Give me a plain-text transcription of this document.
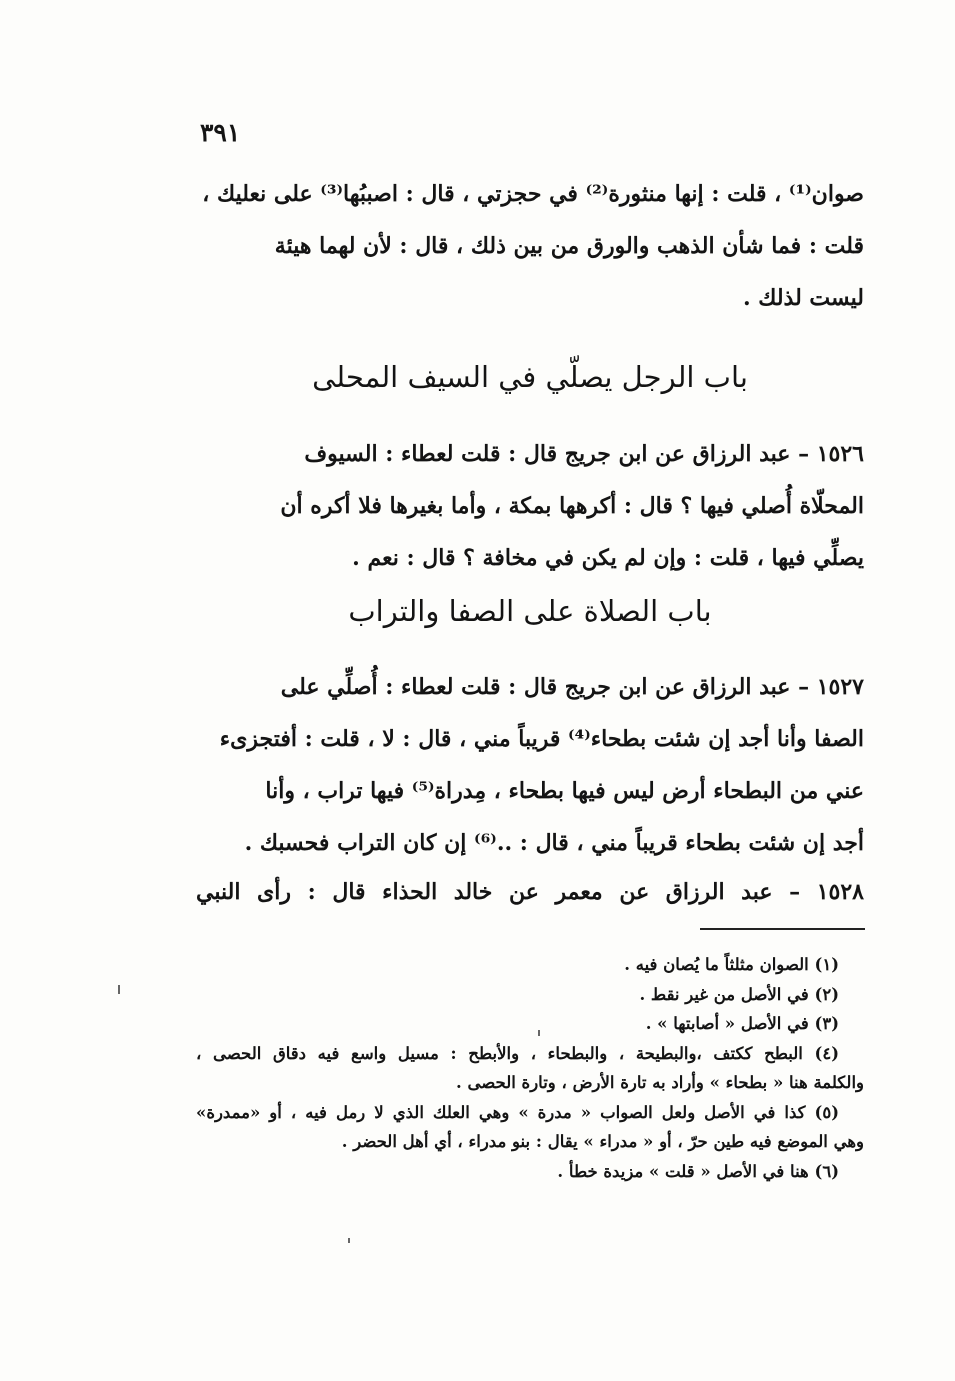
٣٩١
صوان⁽¹⁾ ، قلت : إنها منثورة⁽²⁾ في حجزتي ، قال : اصببُها⁽³⁾ على نعليك ،
قلت : فما شأن الذهب والورق من بين ذلك ، قال : لأن لهما هيئة
ليست لذلك .
باب الرجل يصلّي في السيف المحلى
١٥٢٦ – عبد الرزاق عن ابن جريج قال : قلت لعطاء : السيوف
المحلّاة أُصلي فيها ؟ قال : أكرهها بمكة ، وأما بغيرها فلا أكره أن
يصلِّي فيها ، قلت : وإن لم يكن في مخافة ؟ قال : نعم .
باب الصلاة على الصفا والتراب
١٥٢٧ – عبد الرزاق عن ابن جريج قال : قلت لعطاء : أُصلِّي على
الصفا وأنا أجد إن شئت بطحاء⁽⁴⁾ قريباً مني ، قال : لا ، قلت : أفتجزىء
عني من البطحاء أرض ليس فيها بطحاء ، مِدراة⁽⁵⁾ فيها تراب ، وأنا
أجد إن شئت بطحاء قريباً مني ، قال : ..⁽⁶⁾ إن كان التراب فحسبك .
١٥٢٨ – عبد الرزاق عن معمر عن خالد الحذاء قال : رأى النبي
(١) الصوان مثلثاً ما يُصان فيه .
(٢) في الأصل من غير نقط .
(٣) في الأصل « أصابتها » .
(٤) البطح ككتف ،والبطيحة ، والبطحاء ، والأبطح : مسيل واسع فيه دقاق الحصى ،
والكلمة هنا « بطحاء » وأراد به تارة الأرض ، وتارة الحصى .
(٥) كذا في الأصل ولعل الصواب « مدرة » وهي العلك الذي لا رمل فيه ، أو «ممدرة»
وهي الموضع فيه طين حرّ ، أو « مدراء » يقال : بنو مدراء ، أي أهل الحضر .
(٦) هنا في الأصل « قلت » مزيدة خطأ .
